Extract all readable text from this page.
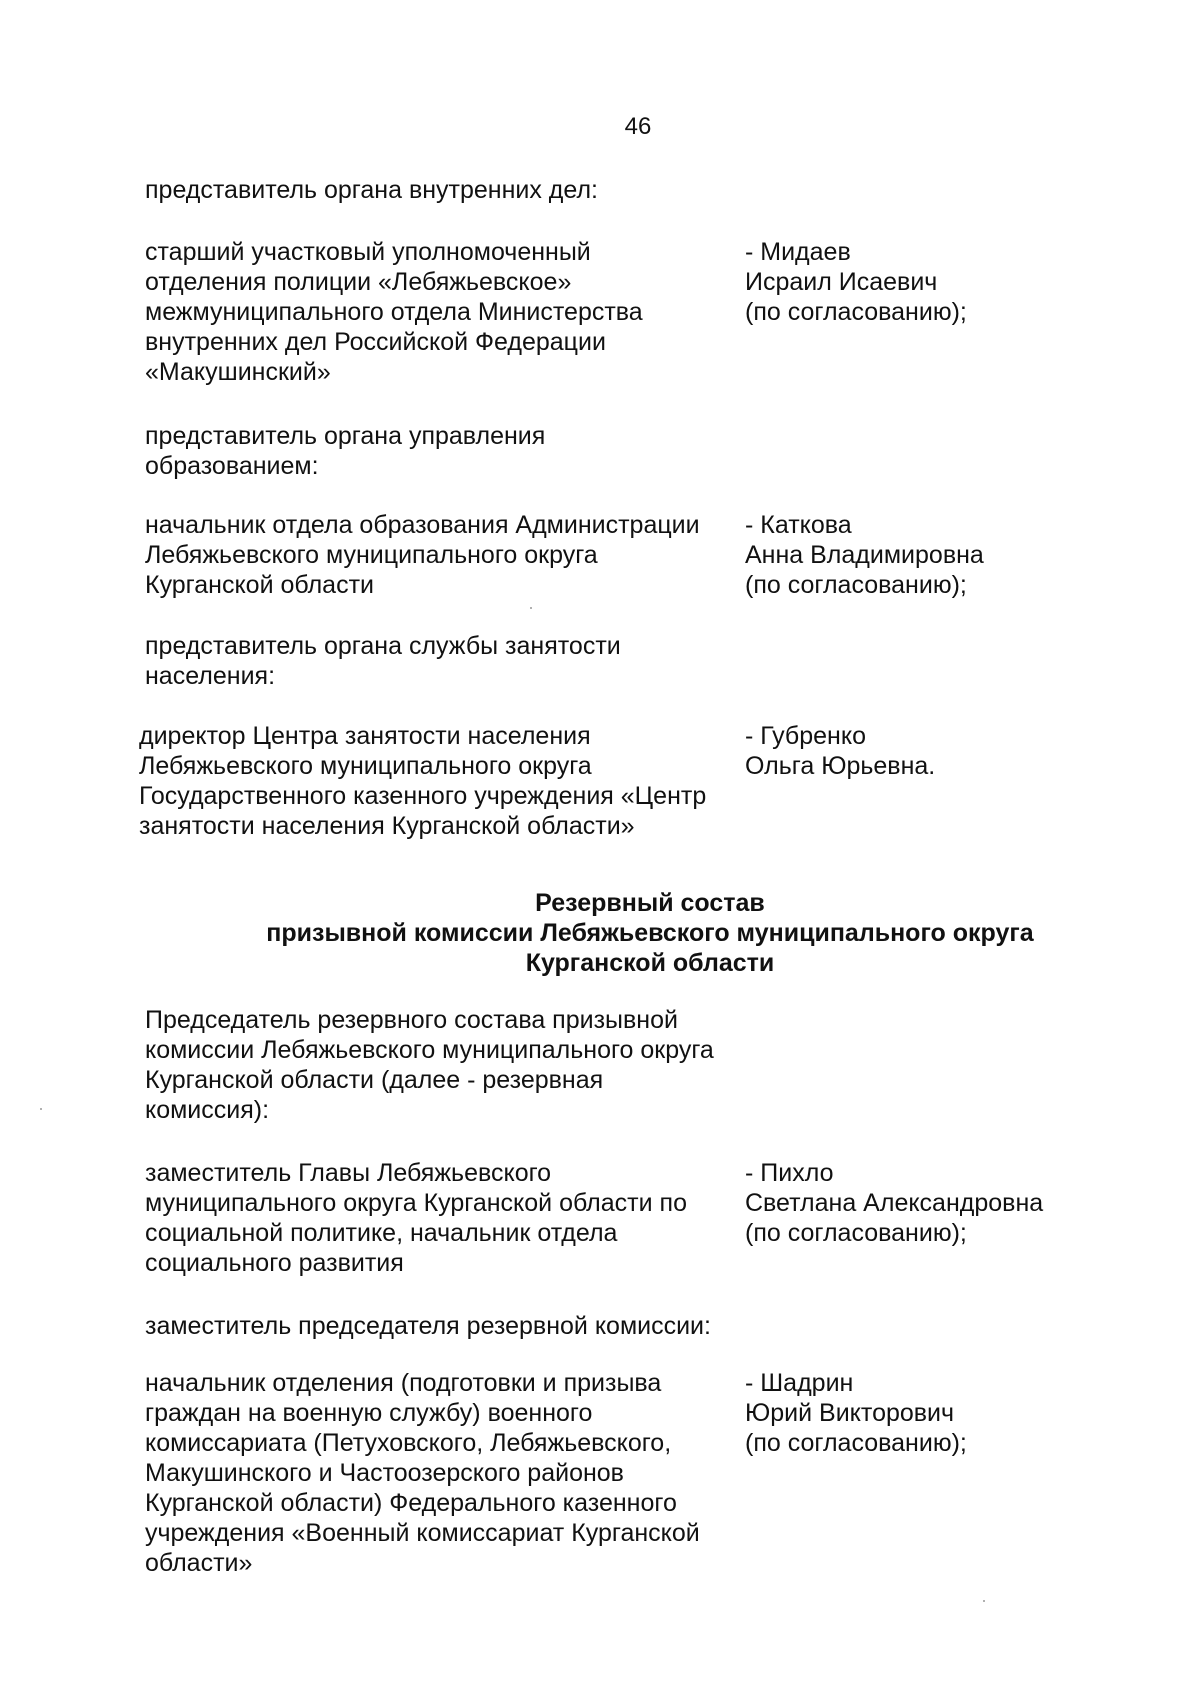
46
представитель органа внутренних дел:
старший участковый уполномоченный
отделения полиции «Лебяжьевское»
межмуниципального отдела Министерства
внутренних дел Российской Федерации
«Макушинский»
- Мидаев
Исраил Исаевич
(по согласованию);
представитель органа управления
образованием:
начальник отдела образования Администрации
Лебяжьевского муниципального округа
Курганской области
- Каткова
Анна Владимировна
(по согласованию);
представитель органа службы занятости
населения:
директор Центра занятости населения
Лебяжьевского муниципального округа
Государственного казенного учреждения «Центр
занятости населения Курганской области»
- Губренко
Ольга Юрьевна.
Резервный состав
призывной комиссии Лебяжьевского муниципального округа
Курганской области
Председатель резервного состава призывной
комиссии Лебяжьевского муниципального округа
Курганской области (далее - резервная
комиссия):
заместитель Главы Лебяжьевского
муниципального округа Курганской области по
социальной политике, начальник отдела
социального развития
- Пихло
Светлана Александровна
(по согласованию);
заместитель председателя резервной комиссии:
начальник отделения (подготовки и призыва
граждан на военную службу) военного
комиссариата (Петуховского, Лебяжьевского,
Макушинского и Частоозерского районов
Курганской области) Федерального казенного
учреждения «Военный комиссариат Курганской
области»
- Шадрин
Юрий Викторович
(по согласованию);
